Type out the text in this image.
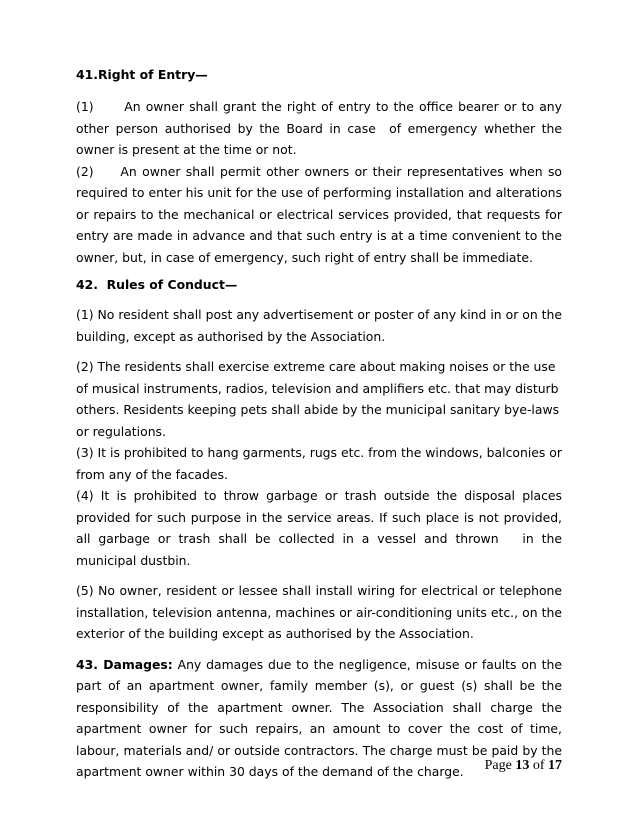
41.Right of Entry—

(1)      An owner shall grant the right of entry to the office bearer or to any other person authorised by the Board in case  of emergency whether the owner is present at the time or not.

(2)     An owner shall permit other owners or their representatives when so required to enter his unit for the use of performing installation and alterations or repairs to the mechanical or electrical services provided, that requests for entry are made in advance and that such entry is at a time convenient to the owner, but, in case of emergency, such right of entry shall be immediate.

42.  Rules of Conduct—

(1) No resident shall post any advertisement or poster of any kind in or on the building, except as authorised by the Association.

(2) The residents shall exercise extreme care about making noises or the use of musical instruments, radios, television and amplifiers etc. that may disturb others. Residents keeping pets shall abide by the municipal sanitary bye-laws or regulations.

(3) It is prohibited to hang garments, rugs etc. from the windows, balconies or from any of the facades.

(4) It is prohibited to throw garbage or trash outside the disposal places provided for such purpose in the service areas. If such place is not provided, all garbage or trash shall be collected in a vessel and thrown   in the municipal dustbin.

(5) No owner, resident or lessee shall install wiring for electrical or telephone installation, television antenna, machines or air-conditioning units etc., on the exterior of the building except as authorised by the Association.

43. Damages: Any damages due to the negligence, misuse or faults on the part of an apartment owner, family member (s), or guest (s) shall be the responsibility of the apartment owner. The Association shall charge the apartment owner for such repairs, an amount to cover the cost of time, labour, materials and/ or outside contractors. The charge must be paid by the apartment owner within 30 days of the demand of the charge.	Page 13 of 17
